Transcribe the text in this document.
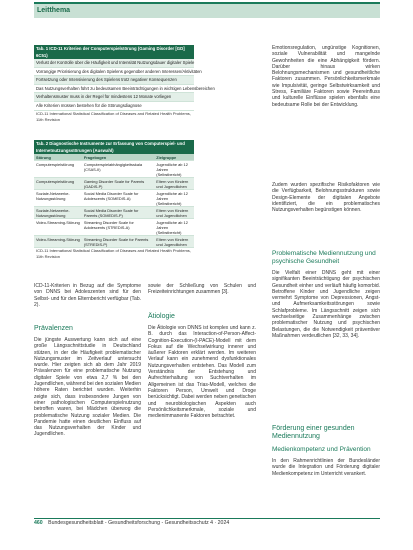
Leitthema
Tab. 1 ICD-11 Kriterien der Computerspielstörung (Gaming Disorder [GD] 6C51)
Verlust der Kontrolle über die Häufigkeit und Intensität Nutzungsdauer digitaler Spiele
Vorrangige Priorisierung des digitalen Spielens gegenüber anderen Interessen/Aktivitäten
Fortsetzung oder Intensivierung des Spielens trotz negativer Konsequenzen
Das Nutzungsverhalten führt zu bedeutsamen Beeinträchtigungen in wichtigen Lebensbereichen
Verhaltensmuster muss in der Regel für mindestens 12 Monate vorliegen
Alle Kriterien müssen bestehen für die Störungsdiagnose
ICD-11 International Statistical Classification of Diseases and Related Health Problems, 11th Revision
Tab. 2 Diagnostische Instrumente zur Erfassung von Computerspiel- und Internetnutzungsstörungen (Auswahl)
Störung	Fragebogen	Zielgruppe
Computerspielstörung	Computerspielabhängigkeitsskala (CSAS-II)	Jugendliche ab 12 Jahren (Selbstbericht)
Computerspielstörung	Gaming Disorder Scale for Parents (GADIS-P)	Eltern von Kindern und Jugendlichen
Soziale-Netzwerke-Nutzungsstörung	Social Media Disorder Scale for Adolescents (SOMEDIS-A)	Jugendliche ab 12 Jahren (Selbstbericht)
Soziale-Netzwerke-Nutzungsstörung	Social Media Disorder Scale for Parents (SOMEDIS-P)	Eltern von Kindern und Jugendlichen
Video-Streaming-Störung	Streaming Disorder Scale for Adolescents (STREDIS-A)	Jugendliche ab 12 Jahren (Selbstbericht)
Video-Streaming-Störung	Streaming Disorder Scale for Parents (STREDIS-P)	Eltern von Kindern und Jugendlichen
ICD-11 International Statistical Classification of Diseases and Related Health Problems, 11th Revision

ICD-11-Kriterien in Bezug auf die Symptome von DNNS bei Adoleszenten sind für den Selbst- und für den Elternbericht verfügbar (Tab. 2).

Prävalenzen

Die jüngste Auswertung kann sich auf eine große Längsschnittstudie in Deutschland stützen, in der die Häufigkeit problematischer Nutzungsmuster im Zeitverlauf untersucht wurde. Hier zeigten sich ab dem Jahr 2019 Prävalenzen für eine problematische Nutzung digitaler Spiele von etwa 2,7 % bei den Jugendlichen, während bei den sozialen Medien höhere Raten berichtet wurden. Weiterhin zeigte sich, dass insbesondere Jungen von einer pathologischen Computerspielnutzung betroffen waren, bei Mädchen überwog die problematische Nutzung sozialer Medien. Die Pandemie hatte einen deutlichen Einfluss auf das Nutzungsverhalten der Kinder und Jugendlichen.

sowie der Schließung von Schulen und Freizeiteinrichtungen zusammen [3].

Ätiologie

Die Ätiologie von DNNS ist komplex und kann z. B. durch das Interaction-of-Person-Affect-Cognition-Execution-(I-PACE)-Modell mit dem Fokus auf die Wechselwirkung innerer und äußerer Faktoren erklärt werden. Im weiteren Verlauf kann ein zunehmend dysfunktionales Nutzungsverhalten entstehen. Das Modell zum Verständnis der Entstehung und Aufrechterhaltung von Suchtverhalten im Allgemeinen ist das Trias-Modell, welches die Faktoren Person, Umwelt und Droge berücksichtigt. Dabei werden neben genetischen und neurobiologischen Aspekten auch Persönlichkeitsmerkmale, soziale und medienimmanente Faktoren betrachtet.

Emotionsregulation, ungünstige Kognitionen, soziale Vulnerabilität und mangelnde Gewohnheiten die eine Abhängigkeit fördern. Darüber hinaus wirken Belohnungsmechanismen und gesundheitliche Faktoren zusammen. Persönlichkeitsmerkmale wie Impulsivität, geringe Selbstwirksamkeit und Stress, Familiäre Faktoren sowie Peereinfluss und kulturelle Einflüsse spielen ebenfalls eine bedeutsame Rolle bei der Entwicklung.

Zudem wurden spezifische Risikofaktoren wie die Verfügbarkeit, Belohnungsstrukturen sowie Design-Elemente der digitalen Angebote identifiziert, die ein problematisches Nutzungsverhalten begünstigen können.

Problematische Mediennutzung und psychische Gesundheit

Die Vielfalt einer DNNS geht mit einer signifikanten Beeinträchtigung der psychischen Gesundheit einher und verläuft häufig komorbid. Betroffene Kinder und Jugendliche zeigen vermehrt Symptome von Depressionen, Angst- und Aufmerksamkeitsstörungen sowie Schlafprobleme. Im Längsschnitt zeigen sich wechselseitige Zusammenhänge zwischen problematischer Nutzung und psychischen Belastungen, die die Notwendigkeit präventiver Maßnahmen verdeutlichen [32, 33, 34].

Förderung einer gesunden Mediennutzung
Medienkompetenz und Prävention

In den Rahmenrichtlinien der Bundesländer wurde die Integration und Förderung digitaler Medienkompetenz im Unterricht verankert.

460 Bundesgesundheitsblatt - Gesundheitsforschung - Gesundheitsschutz 4 · 2024
